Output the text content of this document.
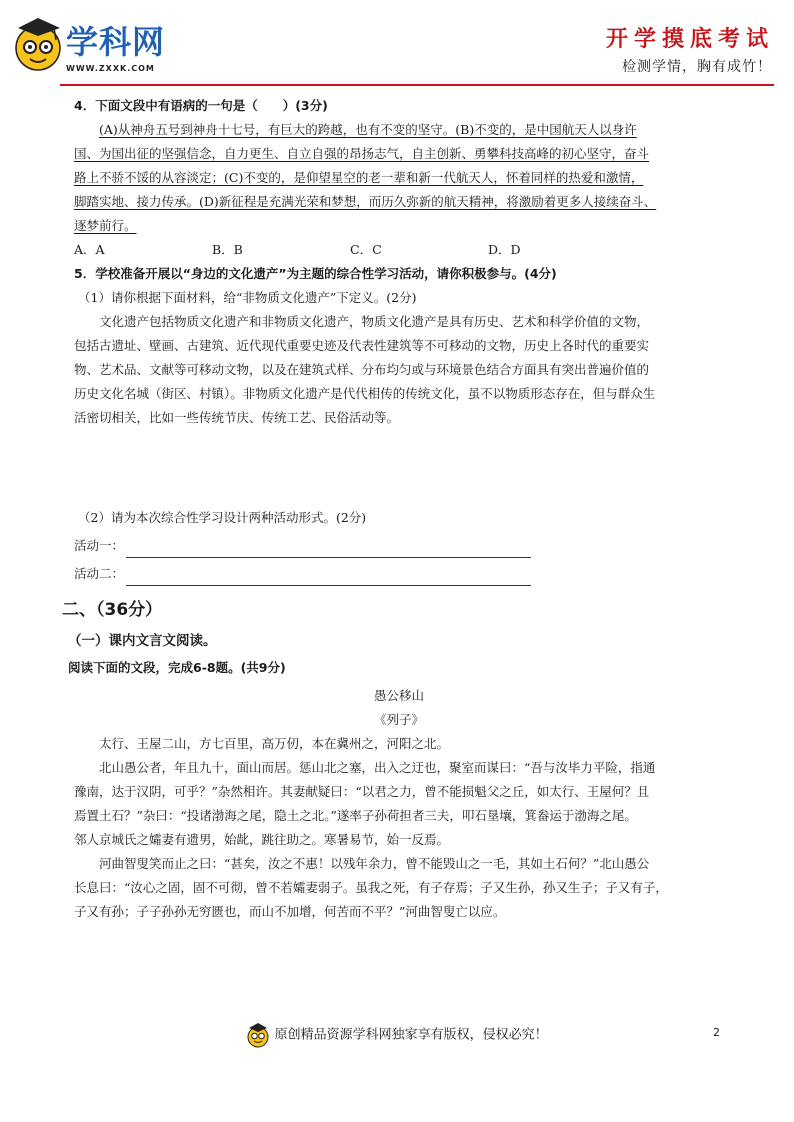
学科网
WWW.ZXXK.COM
开学摸底考试
检测学情，胸有成竹！
4．下面文段中有语病的一句是（　　）(3分)
(A)从神舟五号到神舟十七号，有巨大的跨越，也有不变的坚守。(B)不变的，是中国航天人以身许
国、为国出征的坚强信念，自力更生、自立自强的昂扬志气，自主创新、勇攀科技高峰的初心坚守，奋斗
路上不骄不馁的从容淡定；(C)不变的，是仰望星空的老一辈和新一代航天人，怀着同样的热爱和激情，
脚踏实地、接力传承。(D)新征程是充满光荣和梦想，而历久弥新的航天精神，将激励着更多人接续奋斗、
逐梦前行。
A．A	B．B	C．C	D．D
5．学校准备开展以“身边的文化遗产”为主题的综合性学习活动，请你积极参与。(4分)
（1）请你根据下面材料，给“非物质文化遗产”下定义。(2分)
文化遗产包括物质文化遗产和非物质文化遗产，物质文化遗产是具有历史、艺术和科学价值的文物，
包括古遗址、壁画、古建筑、近代现代重要史迹及代表性建筑等不可移动的文物，历史上各时代的重要实
物、艺术品、文献等可移动文物，以及在建筑式样、分布均匀或与环境景色结合方面具有突出普遍价值的
历史文化名城（街区、村镇）。非物质文化遗产是代代相传的传统文化，虽不以物质形态存在，但与群众生
活密切相关，比如一些传统节庆、传统工艺、民俗活动等。
（2）请为本次综合性学习设计两种活动形式。(2分)
活动一：
活动二：
二、（36分）
（一）课内文言文阅读。
阅读下面的文段，完成6-8题。(共9分)
愚公移山
《列子》
太行、王屋二山，方七百里，高万仞，本在冀州之，河阳之北。
北山愚公者，年且九十，面山而居。惩山北之塞，出入之迂也，聚室而谋曰：“吾与汝毕力平险，指通
豫南，达于汉阴，可乎？”杂然相许。其妻献疑曰：“以君之力，曾不能损魁父之丘，如太行、王屋何？且
焉置土石？”杂曰：“投诸渤海之尾，隐土之北。”遂率子孙荷担者三夫，叩石垦壤，箕畚运于渤海之尾。
邻人京城氏之孀妻有遗男，始龀，跳往助之。寒暑易节，始一反焉。
河曲智叟笑而止之曰：“甚矣，汝之不惠！以残年余力，曾不能毁山之一毛，其如土石何？”北山愚公
长息曰：“汝心之固，固不可彻，曾不若孀妻弱子。虽我之死，有子存焉；子又生孙，孙又生子；子又有子，
子又有孙；子子孙孙无穷匮也，而山不加增，何苦而不平？”河曲智叟亡以应。
原创精品资源学科网独家享有版权，侵权必究！	2
